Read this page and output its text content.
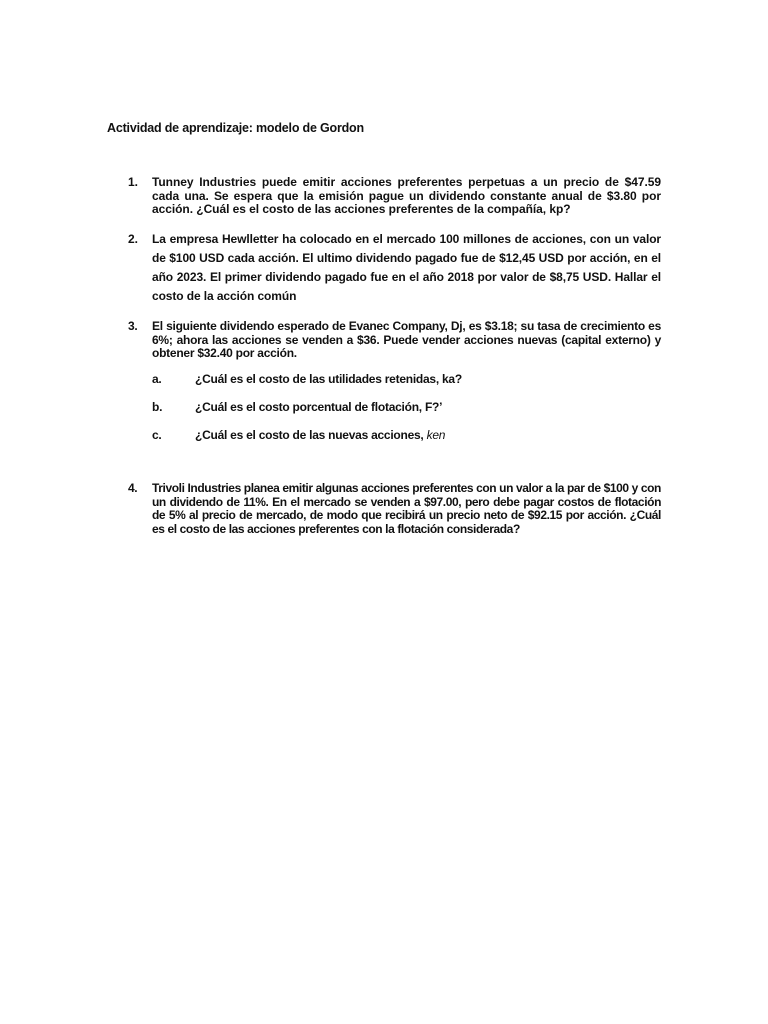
Actividad de aprendizaje: modelo de Gordon
1. Tunney Industries puede emitir acciones preferentes perpetuas a un precio de $47.59 cada una. Se espera que la emisión pague un dividendo constante anual de $3.80 por acción. ¿Cuál es el costo de las acciones preferentes de la compañía, kp?
2. La empresa Hewlletter ha colocado en el mercado 100 millones de acciones, con un valor de $100 USD cada acción. El ultimo dividendo pagado fue de $12,45 USD por acción, en el año 2023. El primer dividendo pagado fue en el año 2018 por valor de $8,75 USD. Hallar el costo de la acción común
3. El siguiente dividendo esperado de Evanec Company, Dj, es $3.18; su tasa de crecimiento es 6%; ahora las acciones se venden a $36. Puede vender acciones nuevas (capital externo) y obtener $32.40 por acción.
a.	¿Cuál es el costo de las utilidades retenidas, ka?
b.	¿Cuál es el costo porcentual de flotación, F?’
c.	¿Cuál es el costo de las nuevas acciones, ken
4. Trivoli Industries planea emitir algunas acciones preferentes con un valor a la par de $100 y con un dividendo de 11%. En el mercado se venden a $97.00, pero debe pagar costos de flotación de 5% al precio de mercado, de modo que recibirá un precio neto de $92.15 por acción. ¿Cuál es el costo de las acciones preferentes con la flotación considerada?
